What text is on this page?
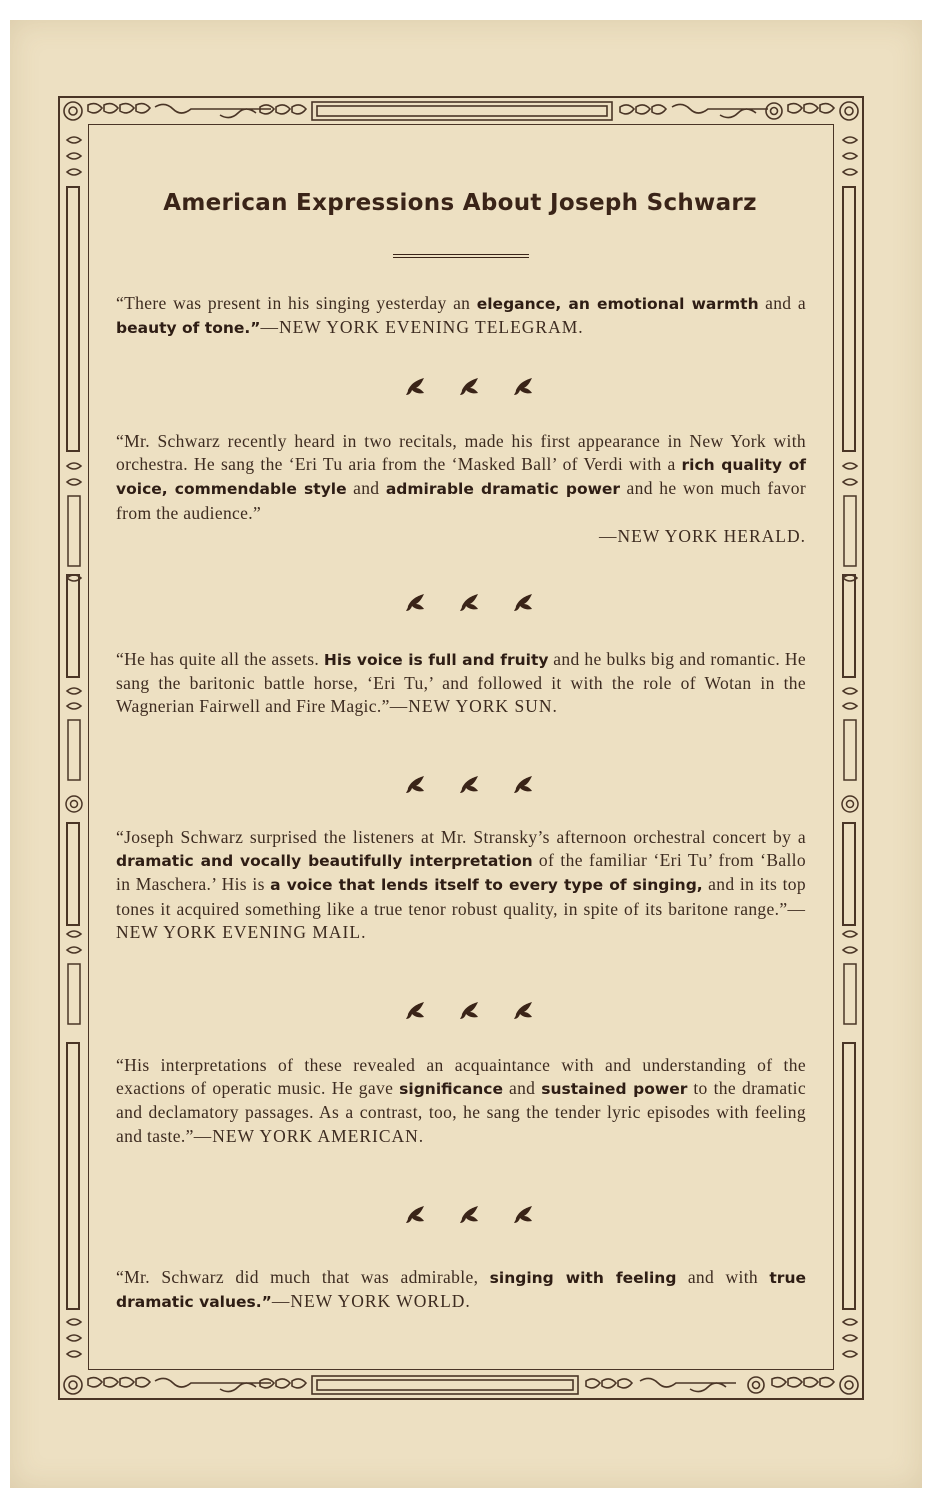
American Expressions About Joseph Schwarz

“There was present in his singing yesterday an elegance, an emotional warmth and a beauty of tone.”—NEW YORK EVENING TELEGRAM.

“Mr. Schwarz recently heard in two recitals, made his first appearance in New York with orchestra. He sang the ‘Eri Tu aria from the ‘Masked Ball’ of Verdi with a rich quality of voice, commendable style and admirable dramatic power and he won much favor from the audience.”
—NEW YORK HERALD.

“He has quite all the assets. His voice is full and fruity and he bulks big and romantic. He sang the baritonic battle horse, ‘Eri Tu,’ and followed it with the role of Wotan in the Wagnerian Fairwell and Fire Magic.”—NEW YORK SUN.

“Joseph Schwarz surprised the listeners at Mr. Stransky’s afternoon orchestral concert by a dramatic and vocally beautifully interpretation of the familiar ‘Eri Tu’ from ‘Ballo in Maschera.’ His is a voice that lends itself to every type of singing, and in its top tones it acquired something like a true tenor robust quality, in spite of its baritone range.”—NEW YORK EVENING MAIL.

“His interpretations of these revealed an acquaintance with and understanding of the exactions of operatic music. He gave significance and sustained power to the dramatic and declamatory passages. As a contrast, too, he sang the tender lyric episodes with feeling and taste.”—NEW YORK AMERICAN.

“Mr. Schwarz did much that was admirable, singing with feeling and with true dramatic values.”—NEW YORK WORLD.
